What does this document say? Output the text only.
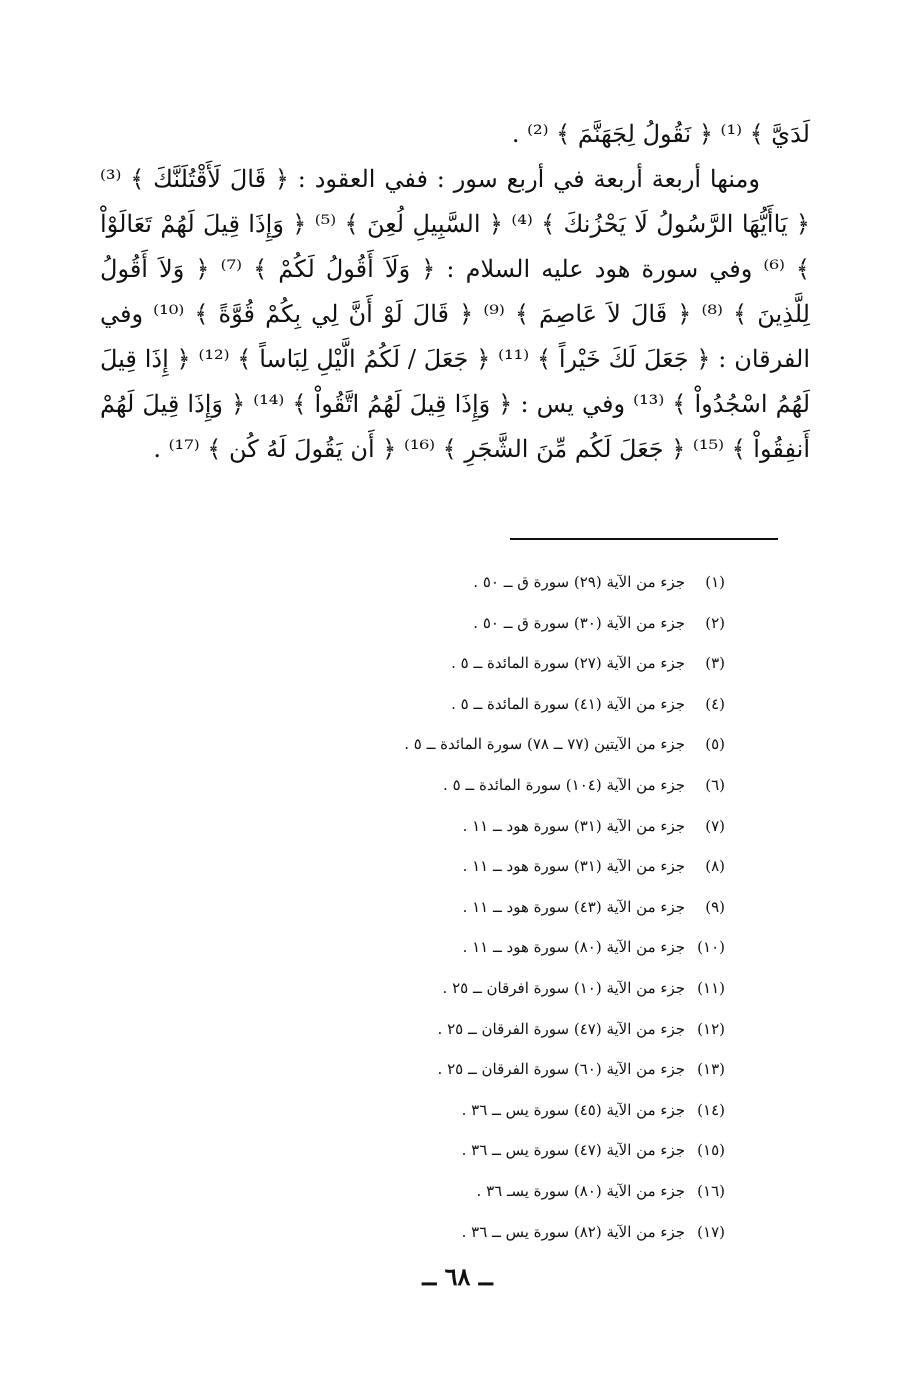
لَدَيَّ ﴾ ⁽¹⁾ ﴿ نَقُولُ لِجَهَنَّمَ ﴾ ⁽²⁾ .

ومنها أربعة أربعة في أربع سور : ففي العقود : ﴿ قَالَ لَأَقْتُلَنَّكَ ﴾ ⁽³⁾ ﴿ يَاأَيُّهَا الرَّسُولُ لَا يَحْزُنكَ ﴾ ⁽⁴⁾ ﴿ السَّبِيلِ لُعِنَ ﴾ ⁽⁵⁾ ﴿ وَإِذَا قِيلَ لَهُمْ تَعَالَوْاْ ﴾ ⁽⁶⁾ وفي سورة هود عليه السلام : ﴿ وَلَاَ أَقُولُ لَكُمْ ﴾ ⁽⁷⁾ ﴿ وَلاَ أَقُولُ لِلَّذِينَ ﴾ ⁽⁸⁾ ﴿ قَالَ لاَ عَاصِمَ ﴾ ⁽⁹⁾ ﴿ قَالَ لَوْ أَنَّ لِي بِكُمْ قُوَّةً ﴾ ⁽¹⁰⁾ وفي الفرقان : ﴿ جَعَلَ لَكَ خَيْراً ﴾ ⁽¹¹⁾ ﴿ جَعَلَ / لَكُمُ الَّيْلِ لِبَاساً ﴾ ⁽¹²⁾ ﴿ إِذَا قِيلَ لَهُمُ اسْجُدُواْ ﴾ ⁽¹³⁾ وفي يس : ﴿ وَإِذَا قِيلَ لَهُمُ اتَّقُواْ ﴾ ⁽¹⁴⁾ ﴿ وَإِذَا قِيلَ لَهُمْ أَنفِقُواْ ﴾ ⁽¹⁵⁾ ﴿ جَعَلَ لَكُم مِّنَ الشَّجَرِ ﴾ ⁽¹⁶⁾ ﴿ أَن يَقُولَ لَهُ كُن ﴾ ⁽¹⁷⁾ .

(١)جزء من الآية (٢٩) سورة ق ــ ٥٠ .
(٢)جزء من الآية (٣٠) سورة ق ــ ٥٠ .
(٣)جزء من الآية (٢٧) سورة المائدة ــ ٥ .
(٤)جزء من الآية (٤١) سورة المائدة ــ ٥ .
(٥)جزء من الآيتين (٧٧ ــ ٧٨) سورة المائدة ــ ٥ .
(٦)جزء من الآية (١٠٤) سورة المائدة ــ ٥ .
(٧)جزء من الآية (٣١) سورة هود ــ ١١ .
(٨)جزء من الآية (٣١) سورة هود ــ ١١ .
(٩)جزء من الآية (٤٣) سورة هود ــ ١١ .
(١٠)جزء من الآية (٨٠) سورة هود ــ ١١ .
(١١)جزء من الآية (١٠) سورة افرقان ــ ٢٥ .
(١٢)جزء من الآية (٤٧) سورة الفرقان ــ ٢٥ .
(١٣)جزء من الآية (٦٠) سورة الفرقان ــ ٢٥ .
(١٤)جزء من الآية (٤٥) سورة يس ــ ٣٦ .
(١٥)جزء من الآية (٤٧) سورة يس ــ ٣٦ .
(١٦)جزء من الآية (٨٠) سورة يسـ ٣٦ .
(١٧)جزء من الآية (٨٢) سورة يس ــ ٣٦ .
ــ ٦٨ ــ
